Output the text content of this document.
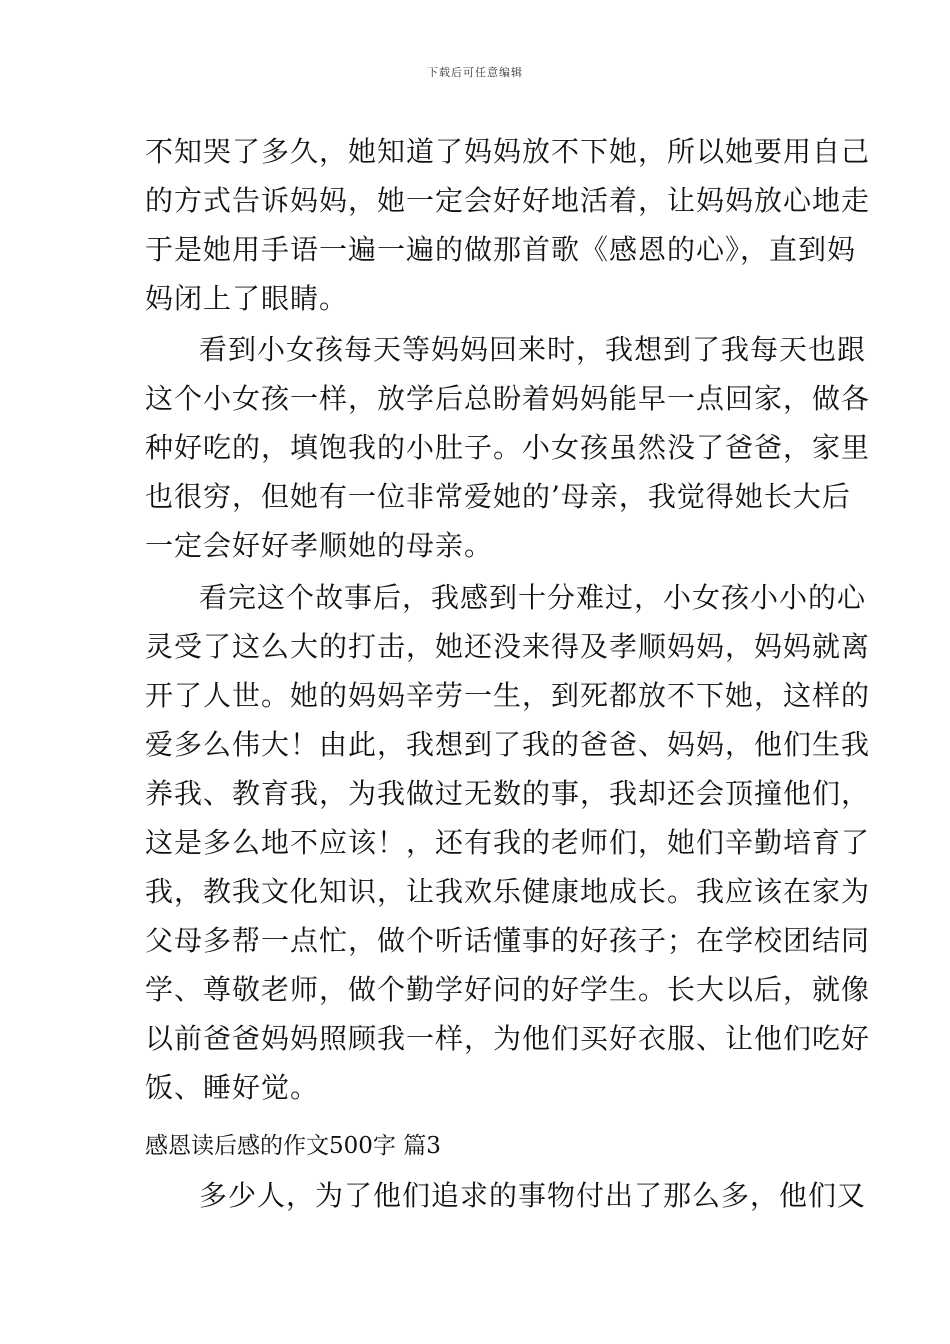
下载后可任意编辑
不知哭了多久，她知道了妈妈放不下她，所以她要用自己
的方式告诉妈妈，她一定会好好地活着，让妈妈放心地走
于是她用手语一遍一遍的做那首歌《感恩的心》，直到妈
妈闭上了眼睛。
看到小女孩每天等妈妈回来时，我想到了我每天也跟
这个小女孩一样，放学后总盼着妈妈能早一点回家，做各
种好吃的，填饱我的小肚子。小女孩虽然没了爸爸，家里
也很穷，但她有一位非常爱她的’母亲，我觉得她长大后
一定会好好孝顺她的母亲。
看完这个故事后，我感到十分难过，小女孩小小的心
灵受了这么大的打击，她还没来得及孝顺妈妈，妈妈就离
开了人世。她的妈妈辛劳一生，到死都放不下她，这样的
爱多么伟大！由此，我想到了我的爸爸、妈妈，他们生我
养我、教育我，为我做过无数的事，我却还会顶撞他们，
这是多么地不应该！，还有我的老师们，她们辛勤培育了
我，教我文化知识，让我欢乐健康地成长。我应该在家为
父母多帮一点忙，做个听话懂事的好孩子；在学校团结同
学、尊敬老师，做个勤学好问的好学生。长大以后，就像
以前爸爸妈妈照顾我一样，为他们买好衣服、让他们吃好
饭、睡好觉。
感恩读后感的作文500字 篇3
多少人，为了他们追求的事物付出了那么多，他们又
